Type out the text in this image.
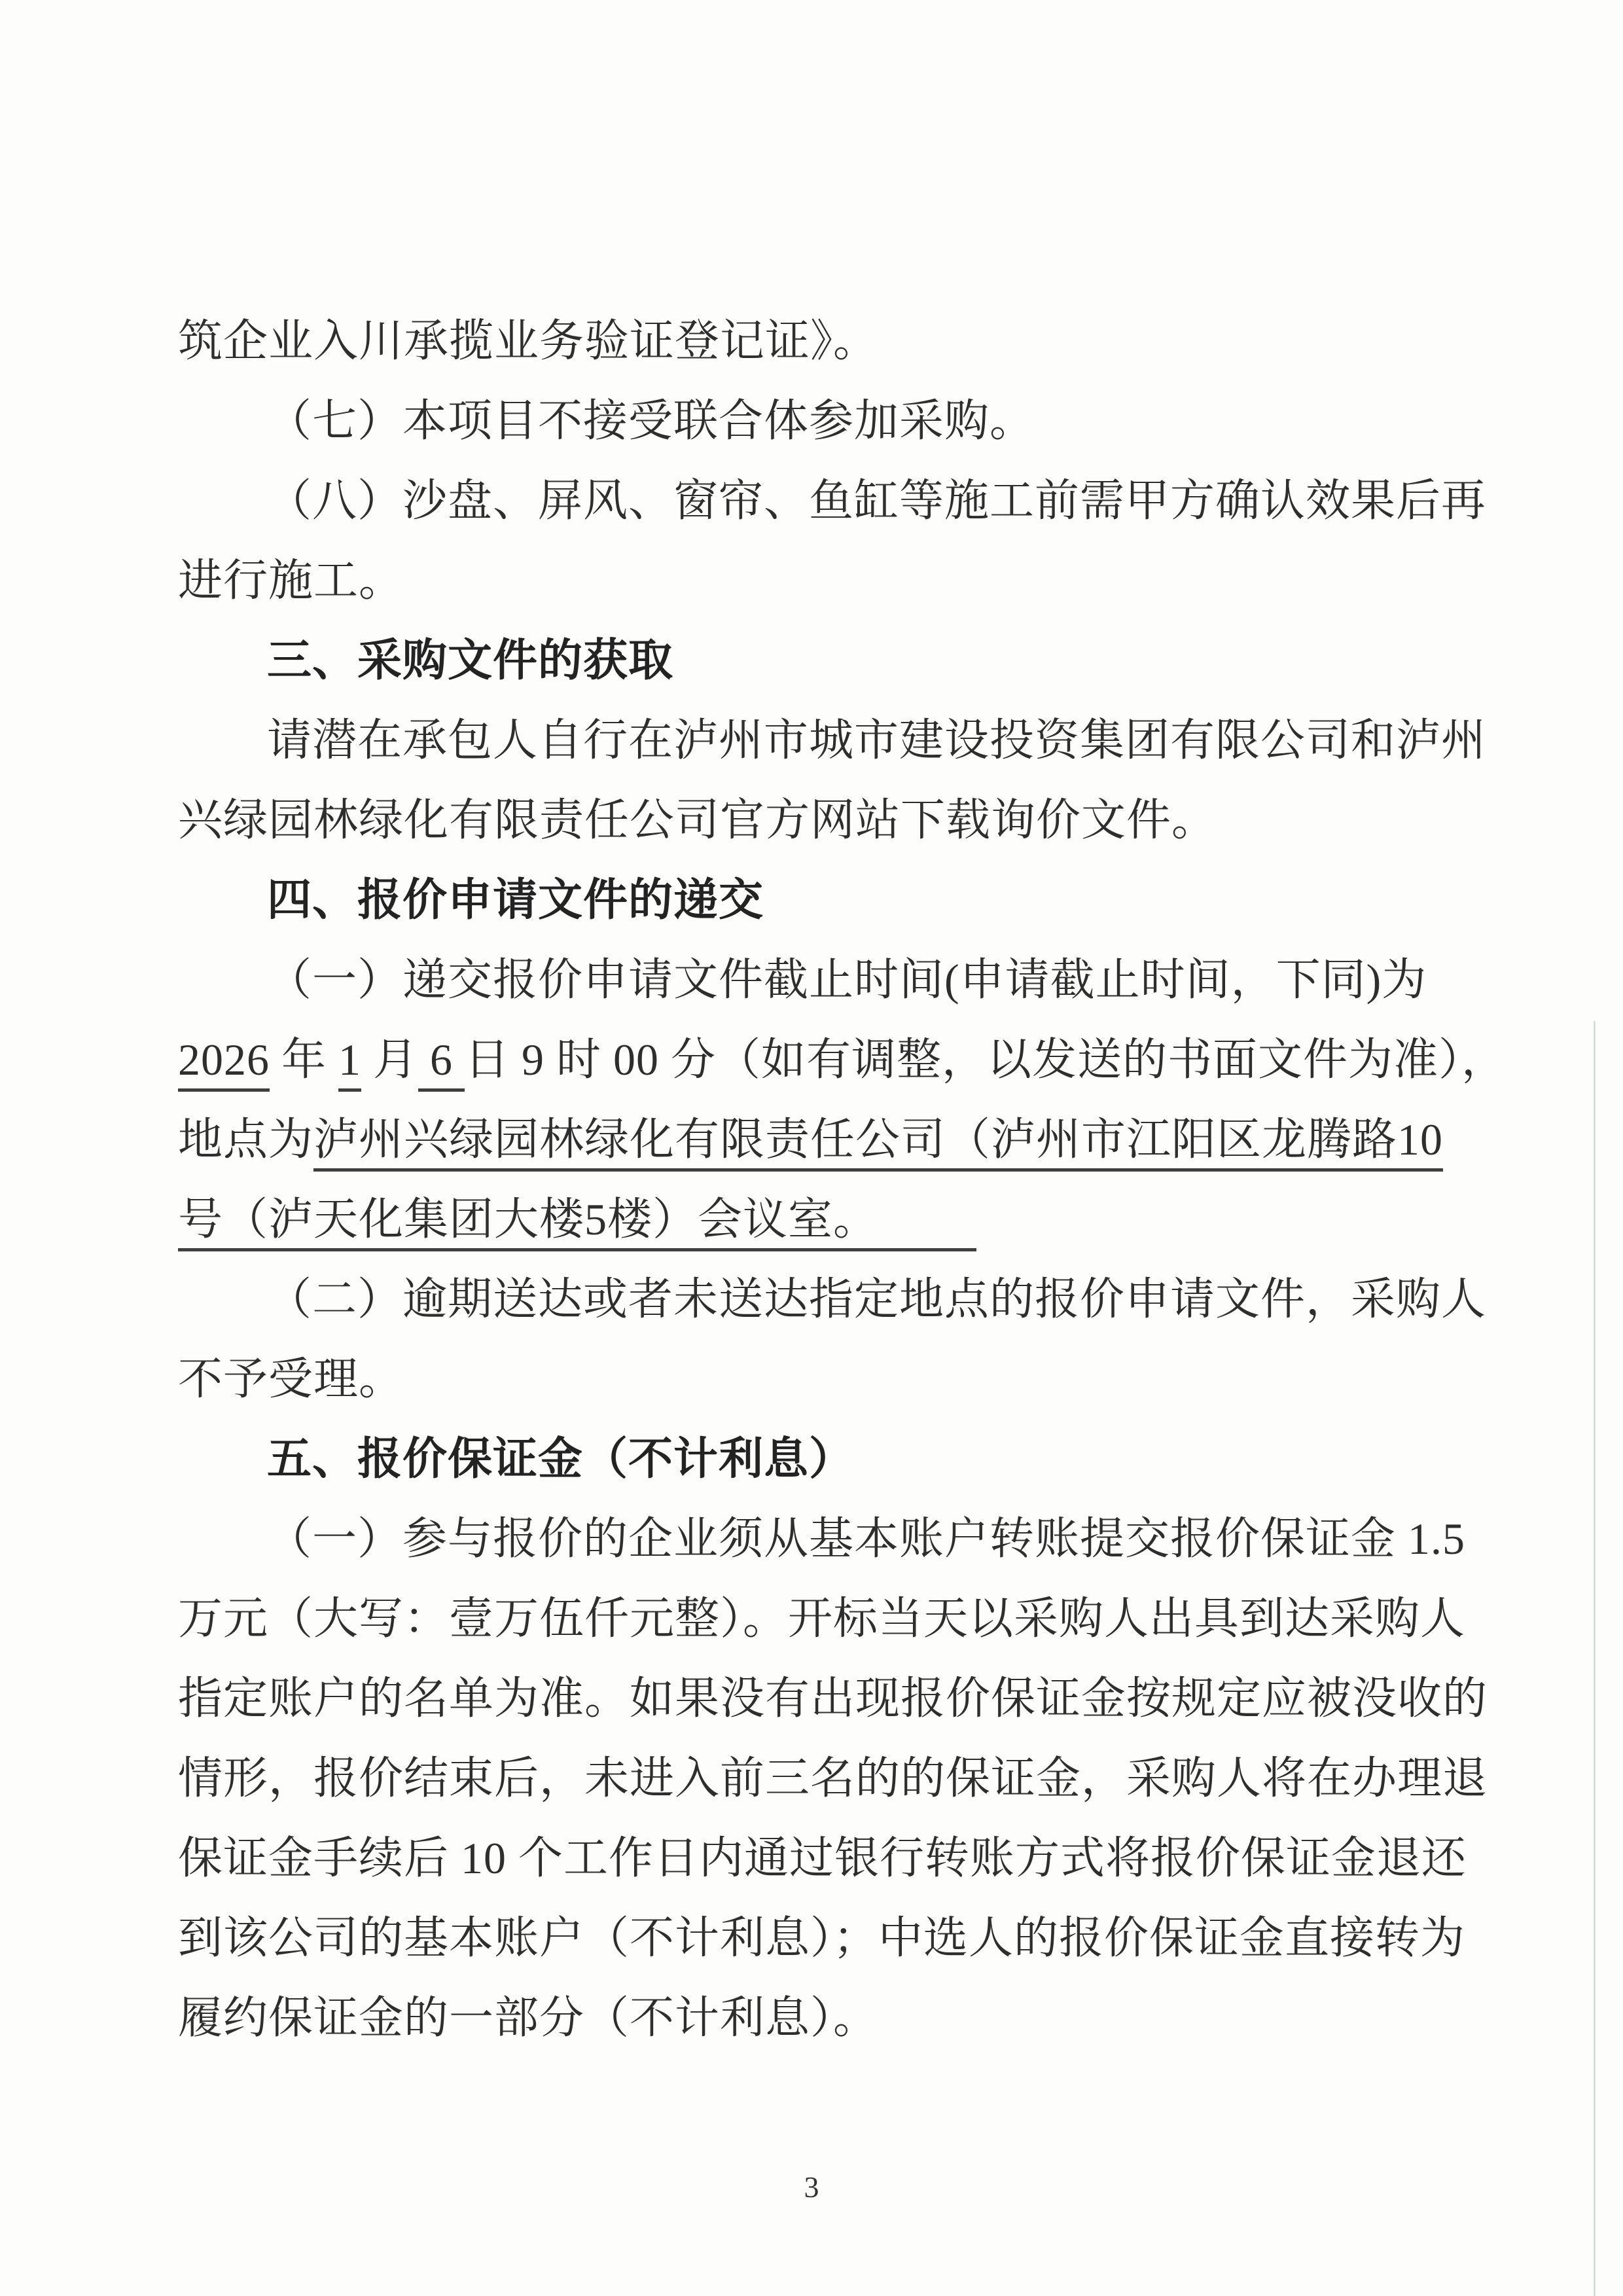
筑企业入川承揽业务验证登记证》。

（七）本项目不接受联合体参加采购。

（八）沙盘、屏风、窗帘、鱼缸等施工前需甲方确认效果后再

进行施工。

三、采购文件的获取

请潜在承包人自行在泸州市城市建设投资集团有限公司和泸州

兴绿园林绿化有限责任公司官方网站下载询价文件。

四、报价申请文件的递交

（一）递交报价申请文件截止时间(申请截止时间，下同)为

2026 年 1 月 6 日 9 时 00 分（如有调整，以发送的书面文件为准），

地点为泸州兴绿园林绿化有限责任公司（泸州市江阳区龙腾路10

号（泸天化集团大楼5楼）会议室。

（二）逾期送达或者未送达指定地点的报价申请文件，采购人

不予受理。

五、报价保证金（不计利息）

（一）参与报价的企业须从基本账户转账提交报价保证金 1.5

万元（大写：壹万伍仟元整）。开标当天以采购人出具到达采购人

指定账户的名单为准。如果没有出现报价保证金按规定应被没收的

情形，报价结束后，未进入前三名的的保证金，采购人将在办理退

保证金手续后 10 个工作日内通过银行转账方式将报价保证金退还

到该公司的基本账户（不计利息）；中选人的报价保证金直接转为

履约保证金的一部分（不计利息）。

3
